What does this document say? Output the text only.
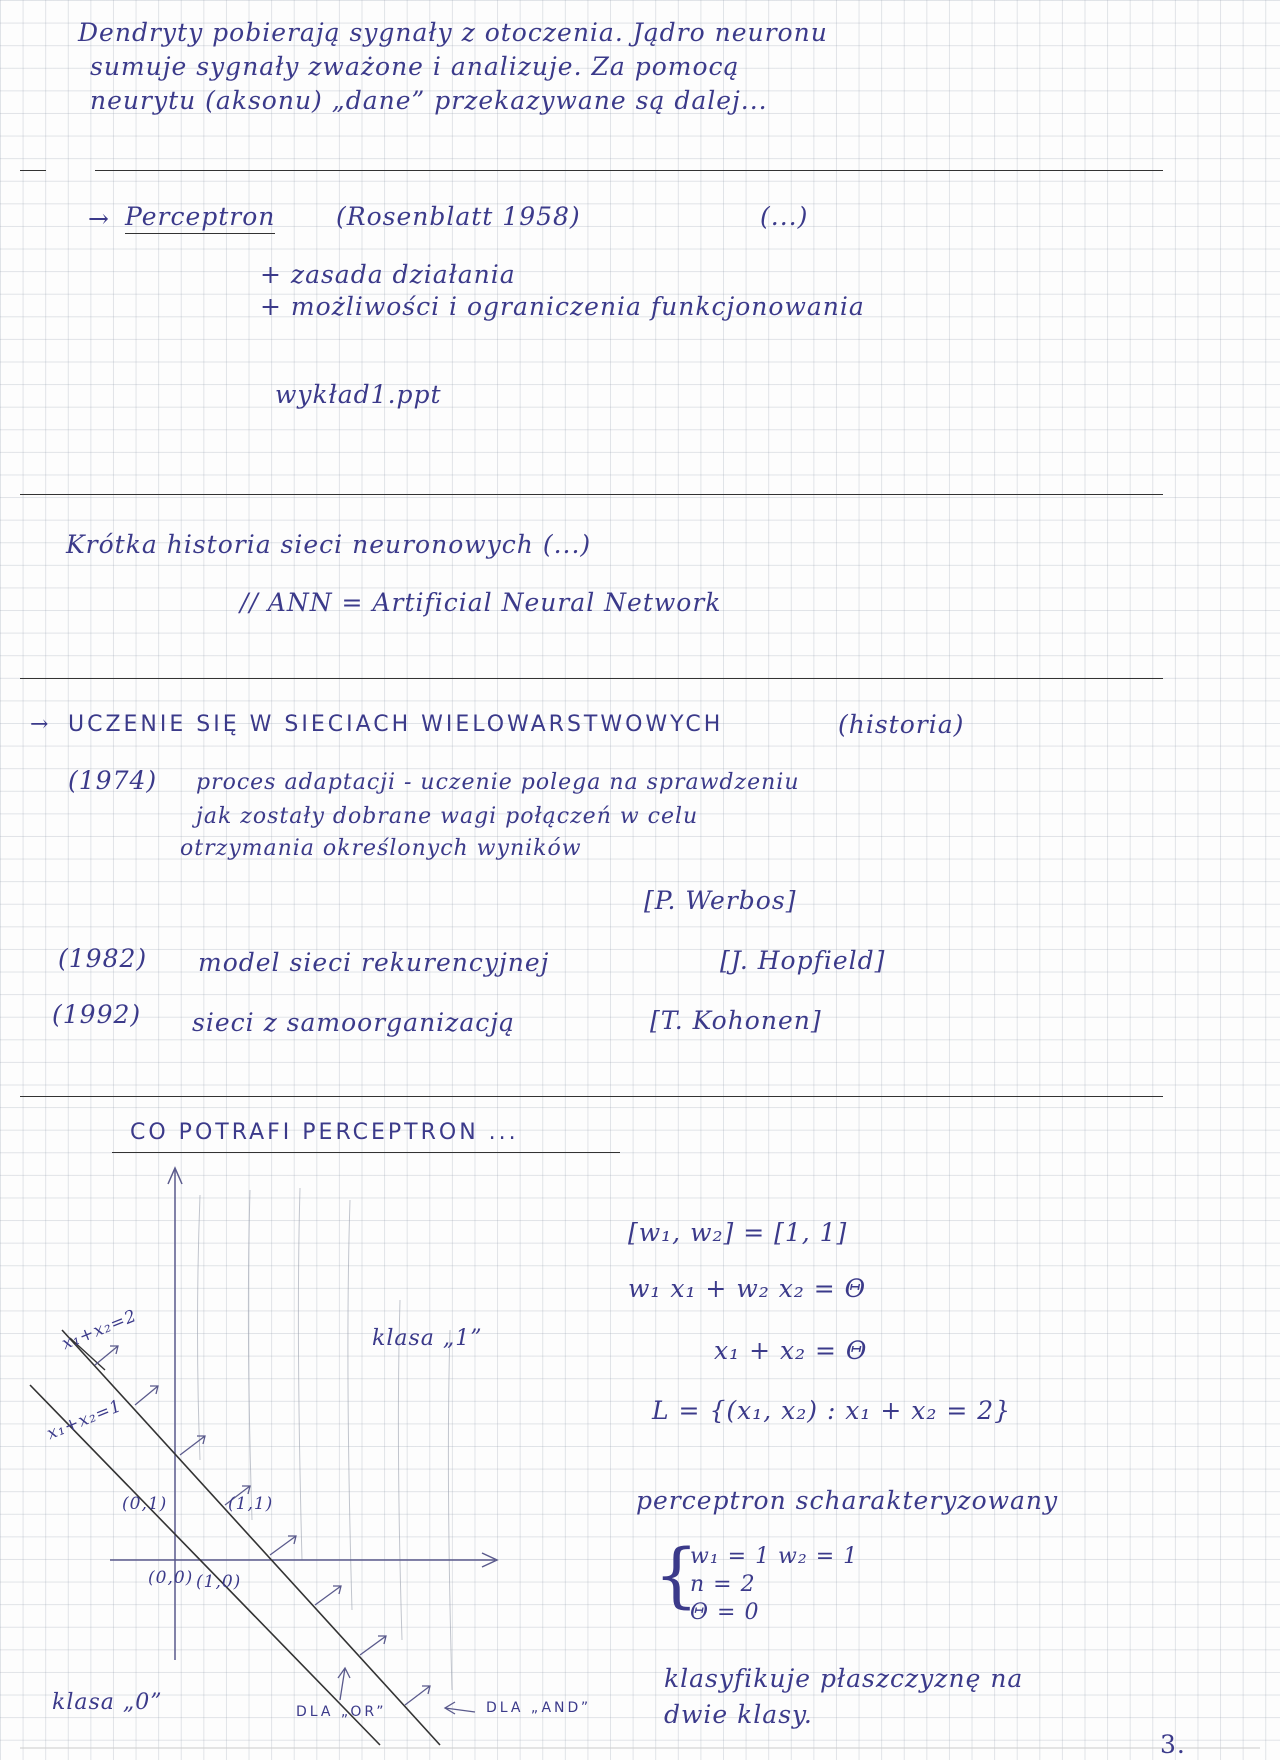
Dendryty pobierają sygnały z otoczenia. Jądro neuronu
sumuje sygnały zważone i analizuje. Za pomocą
neurytu (aksonu) „dane” przekazywane są dalej...
→ Perceptron (Rosenblatt 1958)	(...)
+ zasada działania
+ możliwości i ograniczenia funkcjonowania
wykład1.ppt
Krótka historia sieci neuronowych (...)
// ANN = Artificial Neural Network
→ UCZENIE SIĘ W SIECIACH WIELOWARSTWOWYCH	(historia)
(1974) proces adaptacji - uczenie polega na sprawdzeniu
jak zostały dobrane wagi połączeń w celu
otrzymania określonych wyników
[P. Werbos]
(1982) model sieci rekurencyjnej	[J. Hopfield]
(1992) sieci z samoorganizacją	[T. Kohonen]
CO POTRAFI PERCEPTRON ...
x₁+x₂=2
x₁+x₂=1
klasa „1”
klasa „0”
(0,1)	(1,1)
(0,0) (1,0)
DLA „OR”	DLA „AND”
[w₁, w₂] = [1, 1]
w₁ x₁ + w₂ x₂ = Θ
x₁ + x₂ = Θ
L = {(x₁, x₂) : x₁ + x₂ = 2}
perceptron scharakteryzowany
{
w₁ = 1 w₂ = 1
n = 2
Θ = 0
klasyfikuje płaszczyznę na
dwie klasy.
3.
